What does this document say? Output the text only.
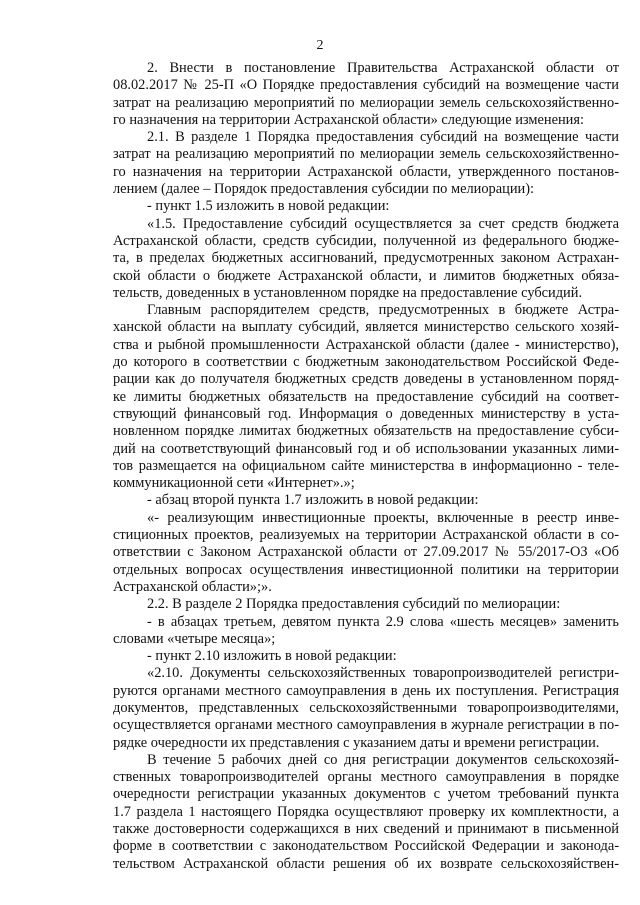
2

2. Внести в постановление Правительства Астраханской области от

08.02.2017 № 25-П «О Порядке предоставления субсидий на возмещение части

затрат на реализацию мероприятий по мелиорации земель сельскохозяйственно-

го назначения на территории Астраханской области» следующие изменения:

2.1. В разделе 1 Порядка предоставления субсидий на возмещение части

затрат на реализацию мероприятий по мелиорации земель сельскохозяйственно-

го назначения на территории Астраханской области, утвержденного постанов-

лением (далее – Порядок предоставления субсидии по мелиорации):

- пункт 1.5 изложить в новой редакции:

«1.5. Предоставление субсидий осуществляется за счет средств бюджета

Астраханской области, средств субсидии, полученной из федерального бюдже-

та, в пределах бюджетных ассигнований, предусмотренных законом Астрахан-

ской области о бюджете Астраханской области, и лимитов бюджетных обяза-

тельств, доведенных в установленном порядке на предоставление субсидий.

Главным распорядителем средств, предусмотренных в бюджете Астра-

ханской области на выплату субсидий, является министерство сельского хозяй-

ства и рыбной промышленности Астраханской области (далее - министерство),

до которого в соответствии с бюджетным законодательством Российской Феде-

рации как до получателя бюджетных средств доведены в установленном поряд-

ке лимиты бюджетных обязательств на предоставление субсидий на соответ-

ствующий финансовый год. Информация о доведенных министерству в уста-

новленном порядке лимитах бюджетных обязательств на предоставление субси-

дий на соответствующий финансовый год и об использовании указанных лими-

тов размещается на официальном сайте министерства в информационно - теле-

коммуникационной сети «Интернет».»;

- абзац второй пункта 1.7 изложить в новой редакции:

«- реализующим инвестиционные проекты, включенные в реестр инве-

стиционных проектов, реализуемых на территории Астраханской области в со-

ответствии с Законом Астраханской области от 27.09.2017 № 55/2017-ОЗ «Об

отдельных вопросах осуществления инвестиционной политики на территории

Астраханской области»;».

2.2. В разделе 2 Порядка предоставления субсидий по мелиорации:

- в абзацах третьем, девятом пункта 2.9 слова «шесть месяцев» заменить

словами «четыре месяца»;

- пункт 2.10 изложить в новой редакции:

«2.10. Документы сельскохозяйственных товаропроизводителей регистри-

руются органами местного самоуправления в день их поступления. Регистрация

документов, представленных сельскохозяйственными товаропроизводителями,

осуществляется органами местного самоуправления в журнале регистрации в по-

рядке очередности их представления с указанием даты и времени регистрации.

В течение 5 рабочих дней со дня регистрации документов сельскохозяй-

ственных товаропроизводителей органы местного самоуправления в порядке

очередности регистрации указанных документов с учетом требований пункта

1.7 раздела 1 настоящего Порядка осуществляют проверку их комплектности, а

также достоверности содержащихся в них сведений и принимают в письменной

форме в соответствии с законодательством Российской Федерации и законода-

тельством Астраханской области решения об их возврате сельскохозяйствен-
